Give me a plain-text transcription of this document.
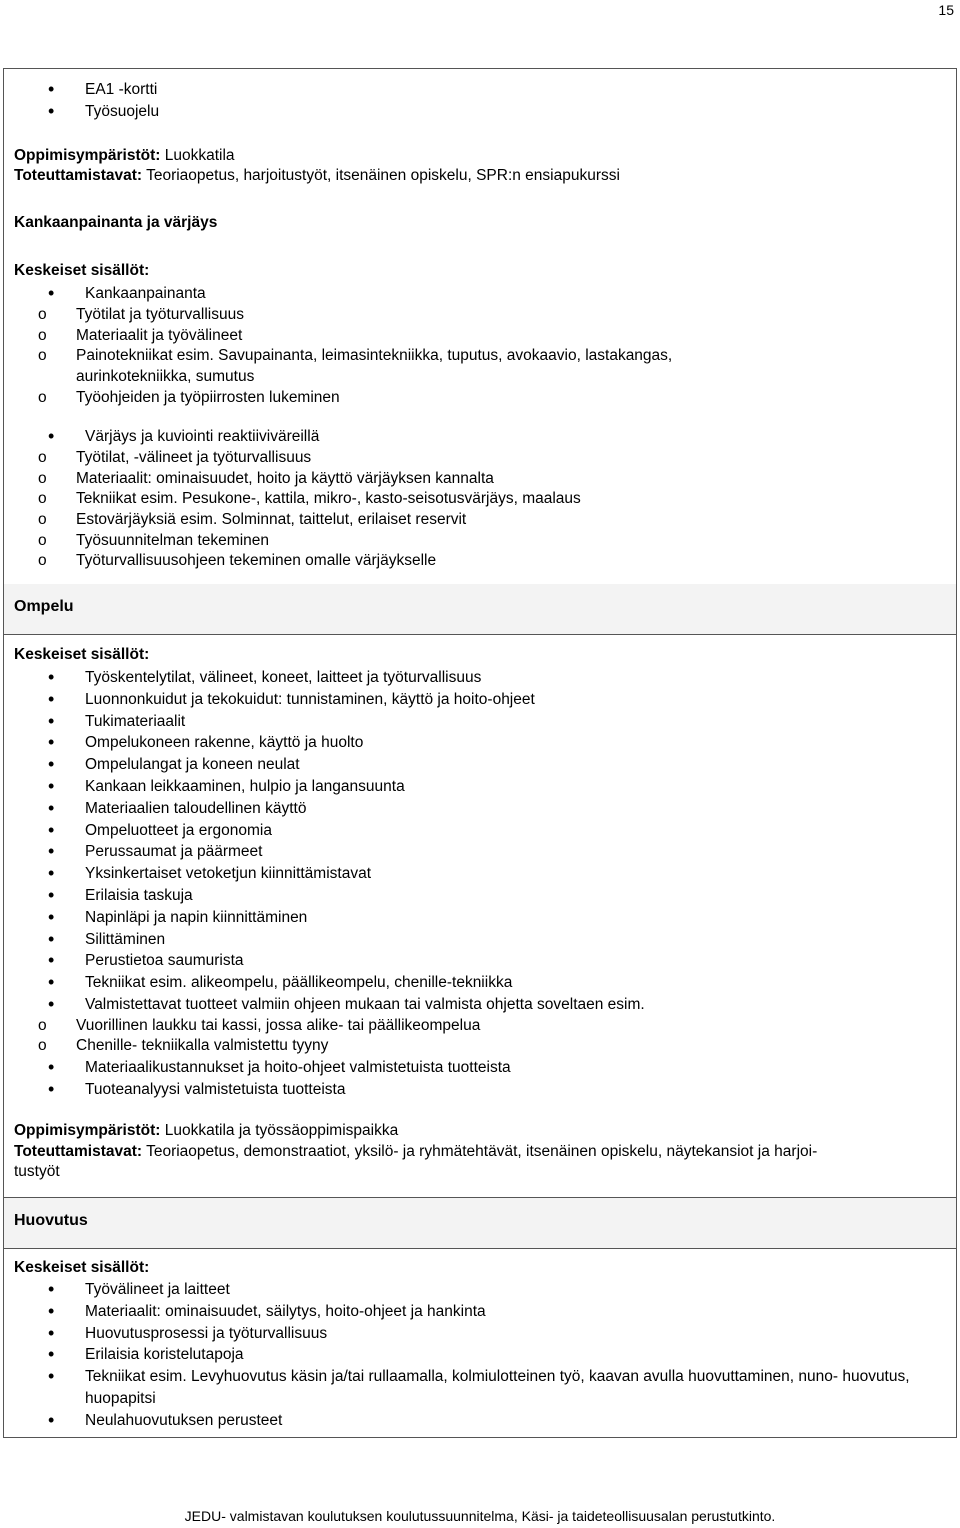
15
• EA1 -kortti
• Työsuojelu
Oppimisympäristöt: Luokkatila
Toteuttamistavat: Teoriaopetus, harjoitustyöt, itsenäinen opiskelu, SPR:n ensiapukurssi
Kankaanpainanta ja värjäys
Keskeiset sisällöt:
• Kankaanpainanta
o Työtilat ja työturvallisuus
o Materiaalit ja työvälineet
o Painotekniikat esim. Savupainanta, leimasintekniikka, tuputus, avokaavio, lastakangas, aurinkotekniikka, sumutus
o Työohjeiden ja työpiirrosten lukeminen
• Värjäys ja kuviointi reaktiiviväreillä
o Työtilat, -välineet ja työturvallisuus
o Materiaalit: ominaisuudet, hoito ja käyttö värjäyksen kannalta
o Tekniikat esim. Pesukone-, kattila, mikro-, kasto-seisotusvärjäys, maalaus
o Estovärjäyksiä esim. Solminnat, taittelut, erilaiset reservit
o Työsuunnitelman tekeminen
o Työturvallisuusohjeen tekeminen omalle värjäykselle
Ompelu
Keskeiset sisällöt:
• Työskentelytilat, välineet, koneet, laitteet ja työturvallisuus
• Luonnonkuidut ja tekokuidut: tunnistaminen, käyttö ja hoito-ohjeet
• Tukimateriaalit
• Ompelukoneen rakenne, käyttö ja huolto
• Ompelulangat ja koneen neulat
• Kankaan leikkaaminen, hulpio ja langansuunta
• Materiaalien taloudellinen käyttö
• Ompeluotteet ja ergonomia
• Perussaumat ja päärmeet
• Yksinkertaiset vetoketjun kiinnittämistavat
• Erilaisia taskuja
• Napinläpi ja napin kiinnittäminen
• Silittäminen
• Perustietoa saumurista
• Tekniikat esim. alikeompelu, päällikeompelu, chenille-tekniikka
• Valmistettavat tuotteet valmiin ohjeen mukaan tai valmista ohjetta soveltaen esim.
o Vuorillinen laukku tai kassi, jossa alike- tai päällikeompelua
o Chenille- tekniikalla valmistettu tyyny
• Materiaalikustannukset ja hoito-ohjeet valmistetuista tuotteista
• Tuoteanalyysi valmistetuista tuotteista
Oppimisympäristöt: Luokkatila ja työssäoppimispaikka
Toteuttamistavat: Teoriaopetus, demonstraatiot, yksilö- ja ryhmätehtävät, itsenäinen opiskelu, näytekansiot ja harjoi-
tustyöt
Huovutus
Keskeiset sisällöt:
• Työvälineet ja laitteet
• Materiaalit: ominaisuudet, säilytys, hoito-ohjeet ja hankinta
• Huovutusprosessi ja työturvallisuus
• Erilaisia koristelutapoja
• Tekniikat esim. Levyhuovutus käsin ja/tai rullaamalla, kolmiulotteinen työ, kaavan avulla huovuttaminen, nuno- huovutus, huopapitsi
• Neulahuovutuksen perusteet
JEDU- valmistavan koulutuksen koulutussuunnitelma, Käsi- ja taideteollisuusalan perustutkinto.
